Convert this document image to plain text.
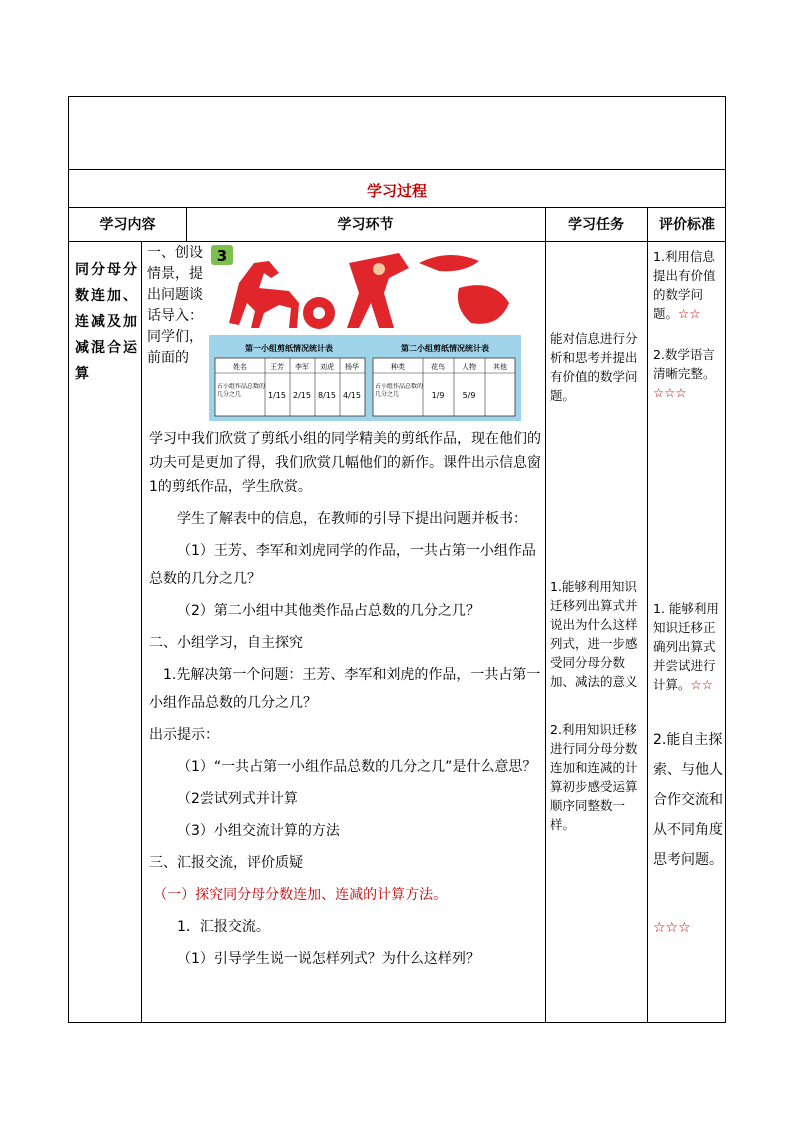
学习过程
学习内容	学习环节	学习任务	评价标准
同分母分数连加、连减及加减混合运算
3
第一小组剪纸情况统计表
姓名	王芳 李军 刘虎 杨华
占小组作品总数的几分之几	1/15 2/15 8/15 4/15
第二小组剪纸情况统计表
种类	花鸟 人物 其他
占小组作品总数的几分之几	1/9 5/9
一、创设情景，提出问题谈话导入：同学们，前面的

学习中我们欣赏了剪纸小组的同学精美的剪纸作品，现在他们的功夫可是更加了得，我们欣赏几幅他们的新作。课件出示信息窗1的剪纸作品，学生欣赏。

学生了解表中的信息，在教师的引导下提出问题并板书：

（1）王芳、李军和刘虎同学的作品，一共占第一小组作品总数的几分之几？

（2）第二小组中其他类作品占总数的几分之几？

二、小组学习，自主探究

1.先解决第一个问题：王芳、李军和刘虎的作品，一共占第一小组作品总数的几分之几？

出示提示：

（1）“一共占第一小组作品总数的几分之几”是什么意思？

（2尝试列式并计算

（3）小组交流计算的方法

三、汇报交流，评价质疑

（一）探究同分母分数连加、连减的计算方法。

1．汇报交流。

（1）引导学生说一说怎样列式？为什么这样列？

能对信息进行分析和思考并提出有价值的数学问题。
1.能够利用知识迁移列出算式并说出为什么这样列式，进一步感受同分母分数加、减法的意义
2.利用知识迁移进行同分母分数连加和连减的计算初步感受运算顺序同整数一样。
1.利用信息提出有价值的数学问题。☆☆
2.数学语言清晰完整。☆☆☆
1. 能够利用知识迁移正确列出算式并尝试进行计算。☆☆
2.能自主探索、与他人合作交流和从不同角度思考问题。
☆☆☆
